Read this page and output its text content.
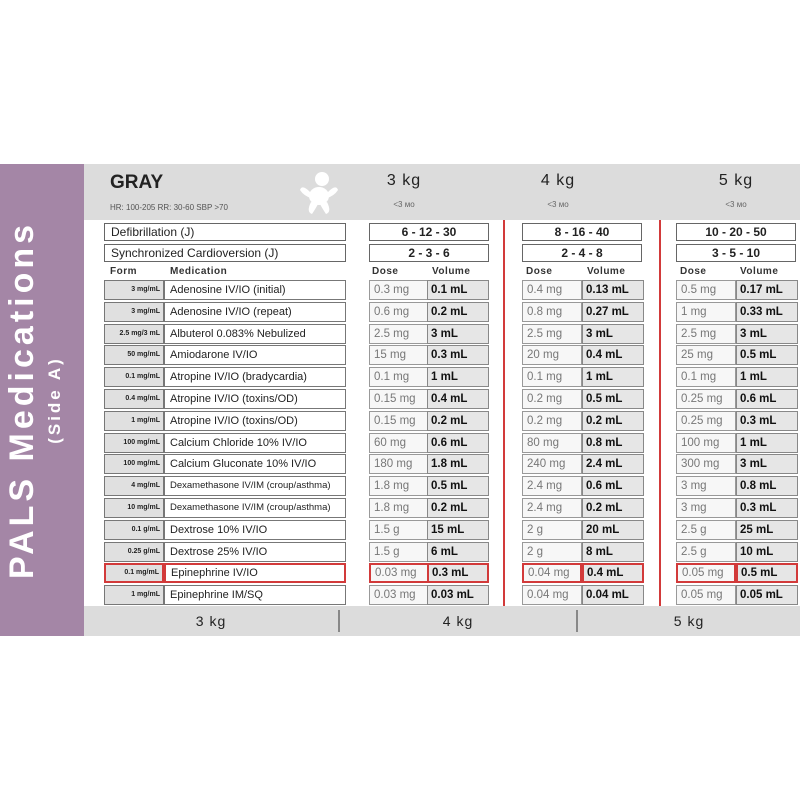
PALS Medications (Side A)
GRAY
HR: 100-205 RR: 30-60 SBP >70
3 kg
<3 мо
4 kg
<3 мо
5 kg
<3 мо
Defibrillation (J)	6 - 12 - 30	8 - 16 - 40	10 - 20 - 50
Synchronized Cardioversion (J)	2 - 3 - 6	2 - 4 - 8	3 - 5 - 10
Form	Medication	Dose	Volume	Dose	Volume	Dose	Volume
3 mg/mL Adenosine IV/IO (initial)	0.3 mg	0.1 mL	0.4 mg	0.13 mL	0.5 mg	0.17 mL
3 mg/mL Adenosine IV/IO (repeat)	0.6 mg	0.2 mL	0.8 mg	0.27 mL	1 mg	0.33 mL
2.5 mg/3 mL Albuterol 0.083% Nebulized	2.5 mg	3 mL	2.5 mg	3 mL	2.5 mg	3 mL
50 mg/mL Amiodarone IV/IO	15 mg	0.3 mL	20 mg	0.4 mL	25 mg	0.5 mL
0.1 mg/mL Atropine IV/IO (bradycardia)	0.1 mg	1 mL	0.1 mg	1 mL	0.1 mg	1 mL
0.4 mg/mL Atropine IV/IO (toxins/OD)	0.15 mg	0.4 mL	0.2 mg	0.5 mL	0.25 mg	0.6 mL
1 mg/mL Atropine IV/IO (toxins/OD)	0.15 mg	0.2 mL	0.2 mg	0.2 mL	0.25 mg	0.3 mL
100 mg/mL Calcium Chloride 10% IV/IO	60 mg	0.6 mL	80 mg	0.8 mL	100 mg	1 mL
100 mg/mL Calcium Gluconate 10% IV/IO	180 mg	1.8 mL	240 mg	2.4 mL	300 mg	3 mL
4 mg/mL	Dexamethasone IV/IM (croup/asthma)	1.8 mg	0.5 mL	2.4 mg	0.6 mL	3 mg	0.8 mL
10 mg/mL	Dexamethasone IV/IM (croup/asthma)	1.8 mg	0.2 mL	2.4 mg	0.2 mL	3 mg	0.3 mL
0.1 g/mL Dextrose 10% IV/IO	1.5 g	15 mL	2 g	20 mL	2.5 g	25 mL
0.25 g/mL Dextrose 25% IV/IO	1.5 g	6 mL	2 g	8 mL	2.5 g	10 mL
0.1 mg/mL	Epinephrine IV/IO	0.03 mg	0.3 mL	0.04 mg	0.4 mL	0.05 mg	0.5 mL
1 mg/mL Epinephrine IM/SQ	0.03 mg	0.03 mL	0.04 mg	0.04 mL	0.05 mg	0.05 mL
3 kg	4 kg	5 kg
